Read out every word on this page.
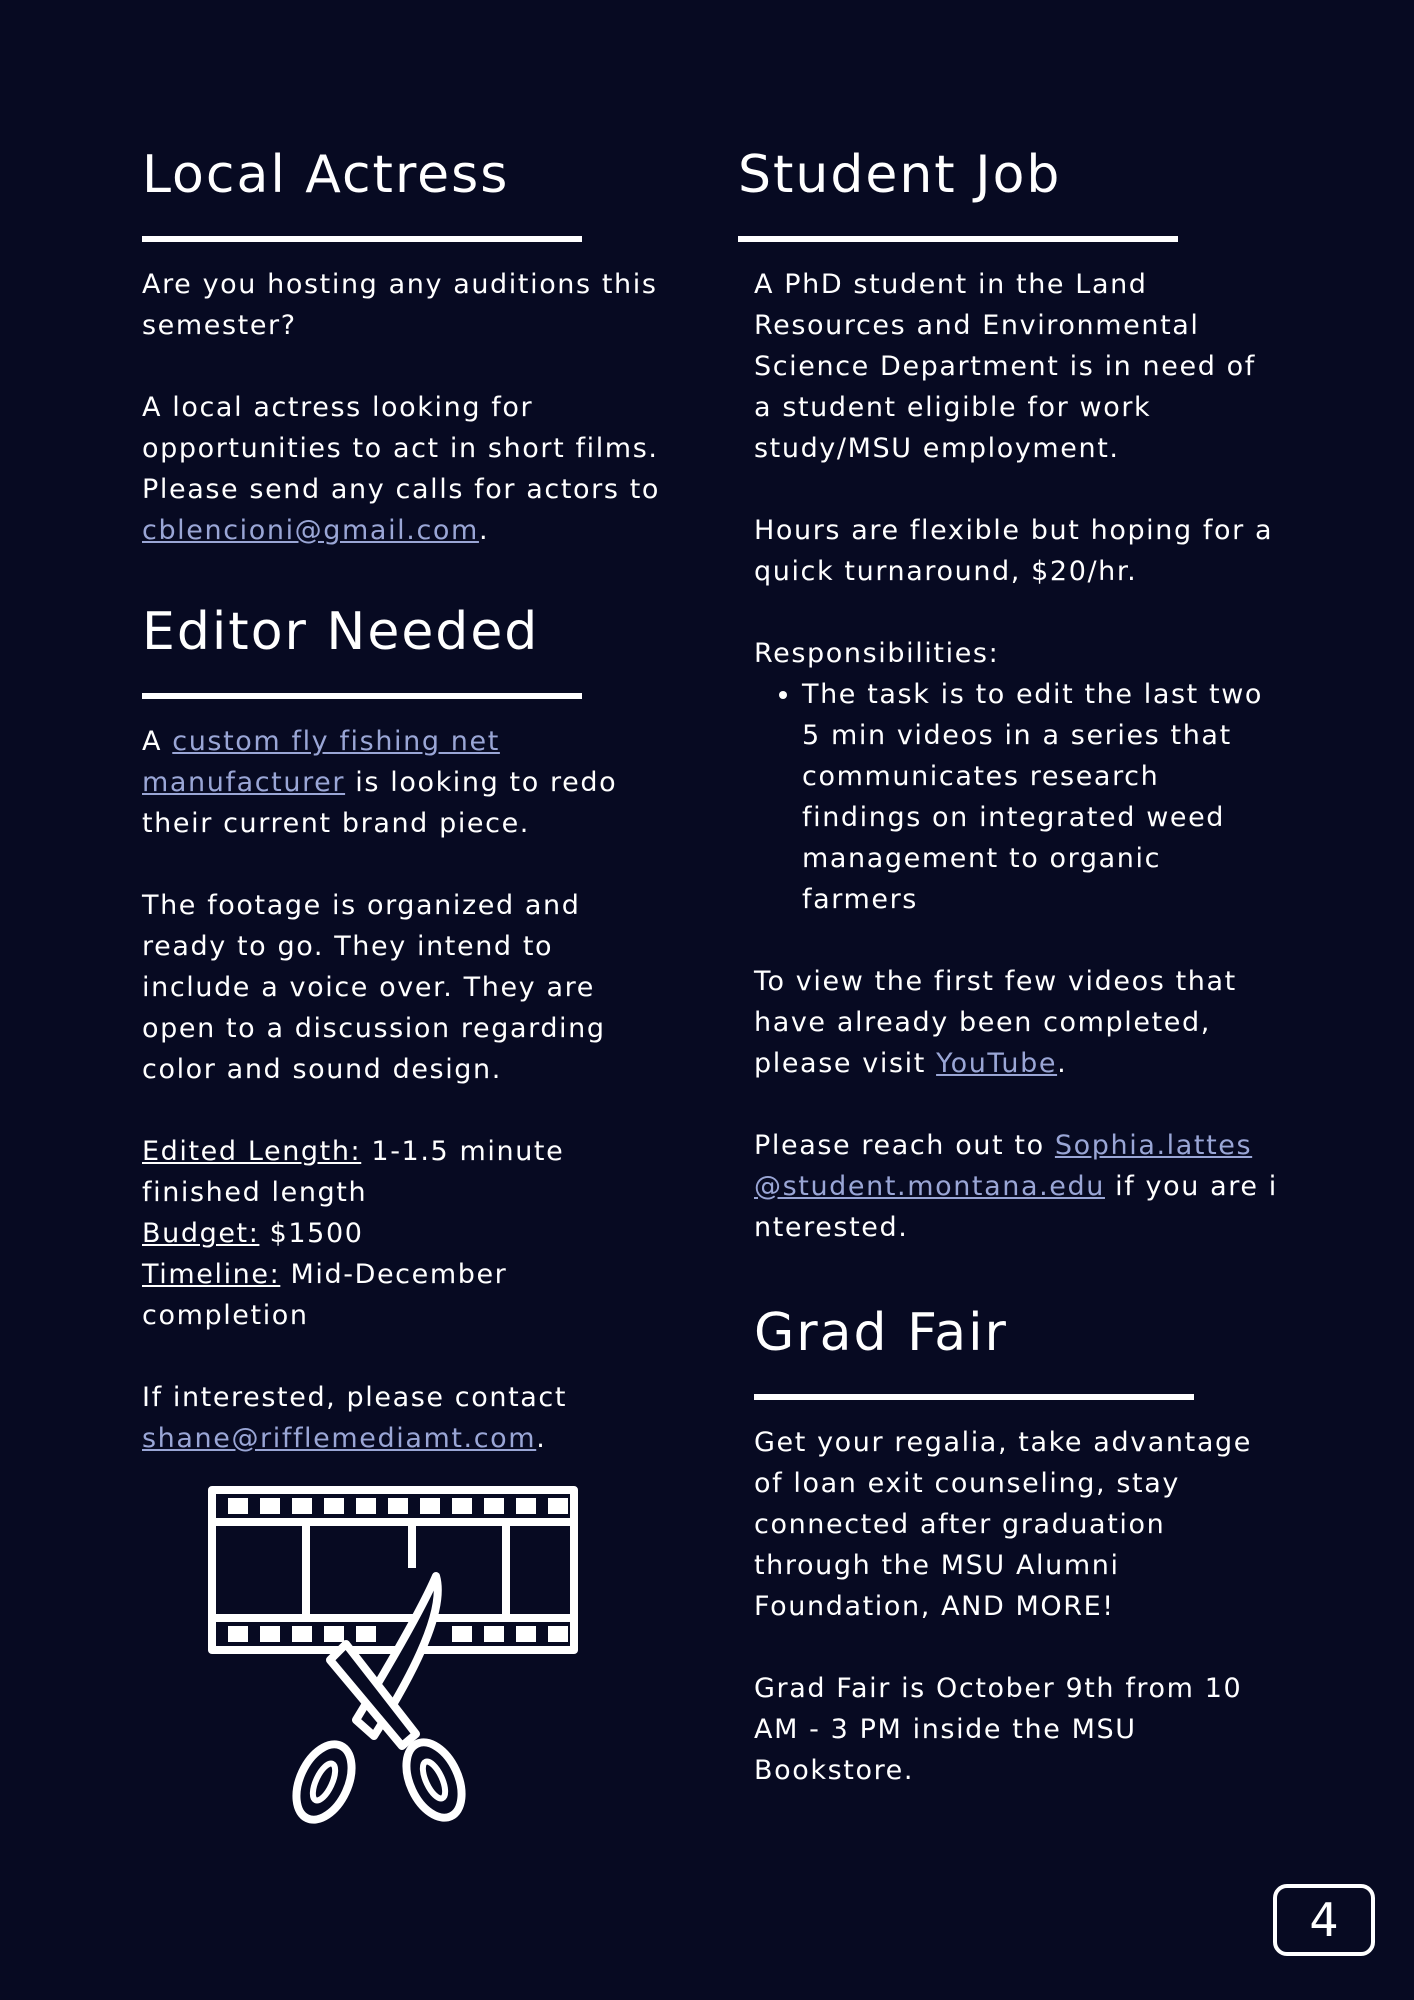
Local Actress

Are you hosting any auditions this semester?

A local actress looking for opportunities to act in short films. Please send any calls for actors to cblencioni@gmail.com.

Editor Needed

A custom fly fishing net manufacturer is looking to redo their current brand piece.

The footage is organized and ready to go. They intend to include a voice over. They are open to a discussion regarding color and sound design.

Edited Length: 1-1.5 minute finished length

Budget: $1500

Timeline: Mid-December completion

If interested, please contact shane@rifflemediamt.com.

Student Job

A PhD student in the Land Resources and Environmental Science Department is in need of a student eligible for work study/MSU employment.

Hours are flexible but hoping for a quick turnaround, $20/hr.

Responsibilities:

• The task is to edit the last two 5 min videos in a series that communicates research findings on integrated weed management to organic farmers

To view the first few videos that have already been completed, please visit YouTube.

Please reach out to Sophia.lattes@student.montana.edu if you are interested.

Grad Fair

Get your regalia, take advantage of loan exit counseling, stay connected after graduation through the MSU Alumni Foundation, AND MORE!

Grad Fair is October 9th from 10 AM - 3 PM inside the MSU Bookstore.

4
